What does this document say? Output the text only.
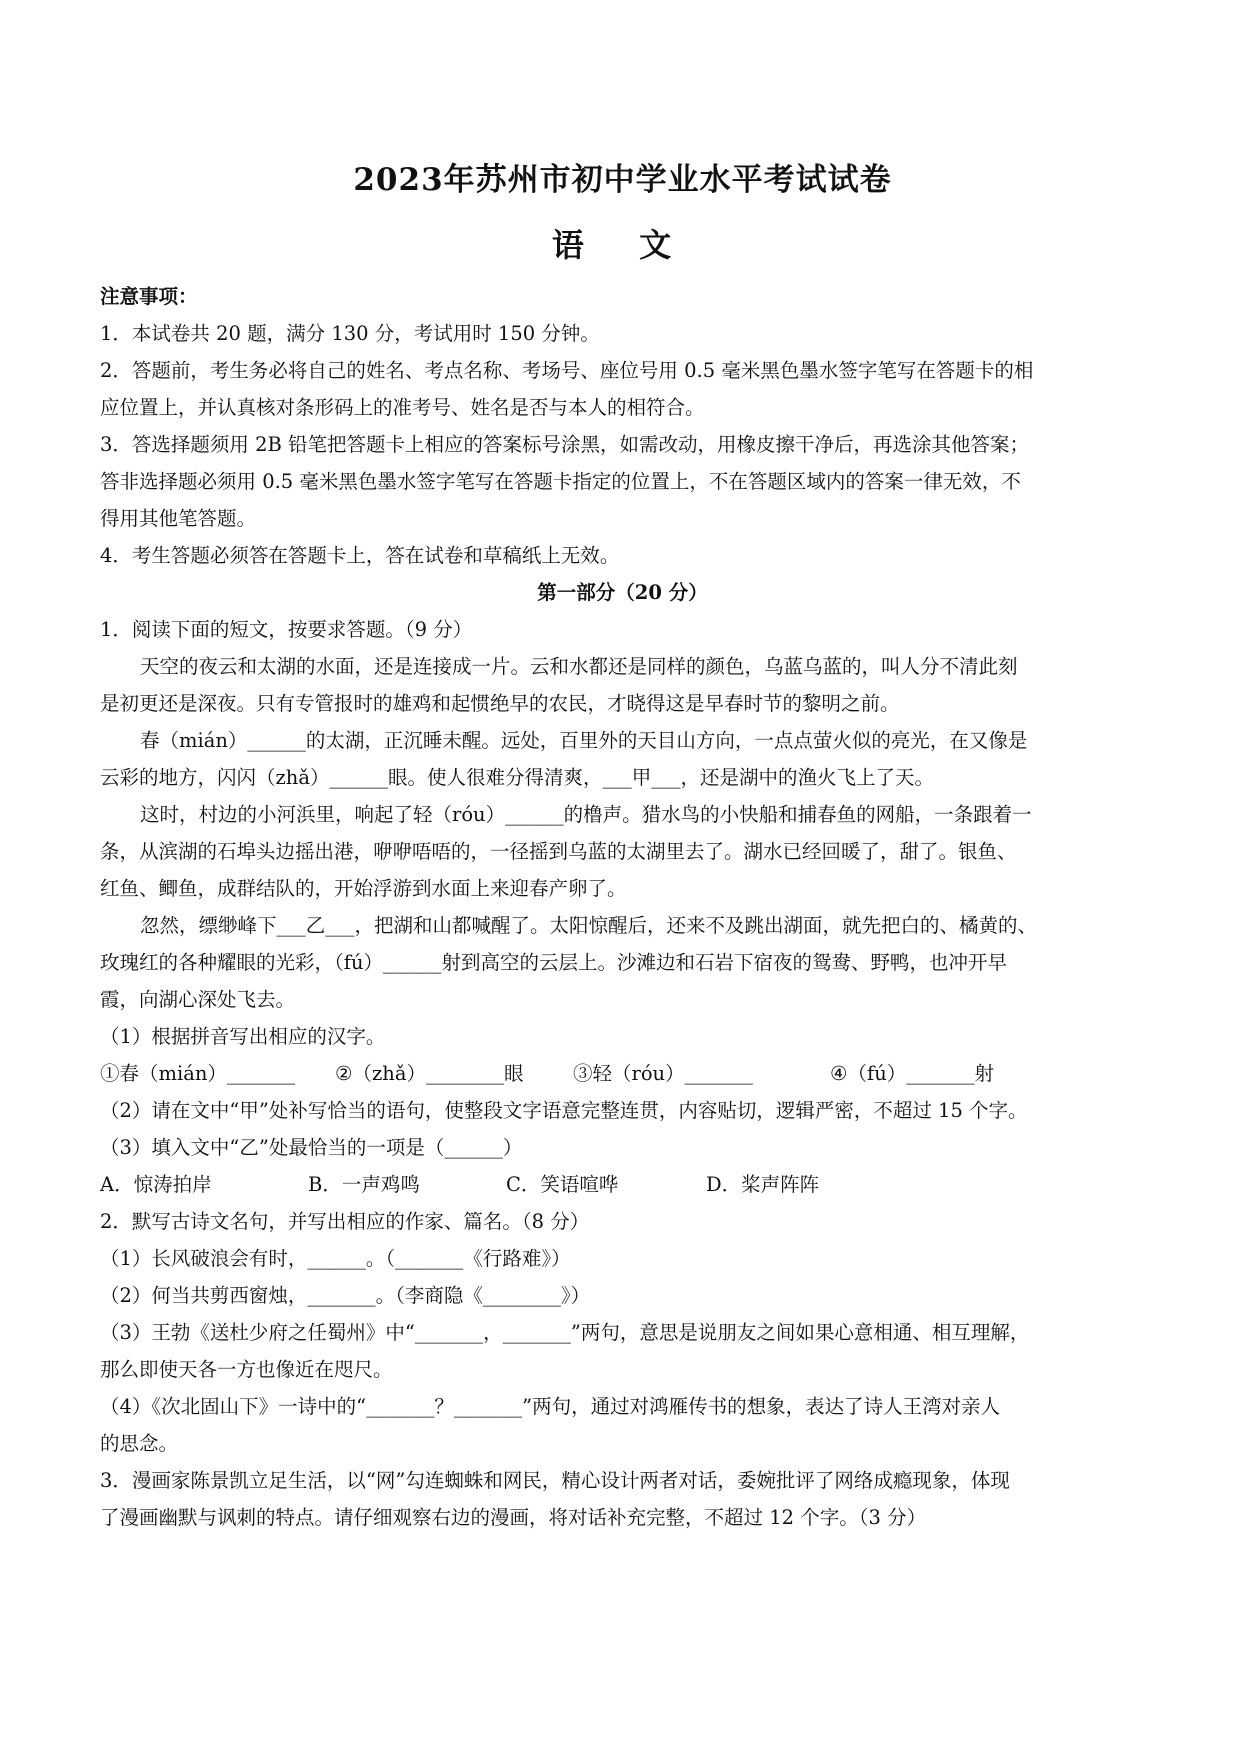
2023年苏州市初中学业水平考试试卷
语 文
注意事项：
1．本试卷共 20 题，满分 130 分，考试用时 150 分钟。
2．答题前，考生务必将自己的姓名、考点名称、考场号、座位号用 0.5 毫米黑色墨水签字笔写在答题卡的相
应位置上，并认真核对条形码上的准考号、姓名是否与本人的相符合。
3．答选择题须用 2B 铅笔把答题卡上相应的答案标号涂黑，如需改动，用橡皮擦干净后，再选涂其他答案；
答非选择题必须用 0.5 毫米黑色墨水签字笔写在答题卡指定的位置上，不在答题区域内的答案一律无效，不
得用其他笔答题。
4．考生答题必须答在答题卡上，答在试卷和草稿纸上无效。
第一部分（20 分）
1．阅读下面的短文，按要求答题。（9 分）
天空的夜云和太湖的水面，还是连接成一片。云和水都还是同样的颜色，乌蓝乌蓝的，叫人分不清此刻
是初更还是深夜。只有专管报时的雄鸡和起惯绝早的农民，才晓得这是早春时节的黎明之前。
春（mián）______的太湖，正沉睡未醒。远处，百里外的天目山方向，一点点萤火似的亮光，在又像是
云彩的地方，闪闪（zhǎ）______眼。使人很难分得清爽，___甲___，还是湖中的渔火飞上了天。
这时，村边的小河浜里，响起了轻（róu）______的橹声。猎水鸟的小快船和捕春鱼的网船，一条跟着一
条，从滨湖的石埠头边摇出港，咿咿唔唔的，一径摇到乌蓝的太湖里去了。湖水已经回暖了，甜了。银鱼、
红鱼、鲫鱼，成群结队的，开始浮游到水面上来迎春产卵了。
忽然，缥缈峰下___乙___，把湖和山都喊醒了。太阳惊醒后，还来不及跳出湖面，就先把白的、橘黄的、
玫瑰红的各种耀眼的光彩，（fú）______射到高空的云层上。沙滩边和石岩下宿夜的鸳鸯、野鸭，也冲开早
霞，向湖心深处飞去。
（1）根据拼音写出相应的汉字。
①春（mián）_______	②（zhǎ）________眼	③轻（róu）_______	④（fú）_______射
（2）请在文中“甲”处补写恰当的语句，使整段文字语意完整连贯，内容贴切，逻辑严密，不超过 15 个字。
（3）填入文中“乙”处最恰当的一项是（______）
A．惊涛拍岸	B．一声鸡鸣	C．笑语喧哗	D．桨声阵阵
2．默写古诗文名句，并写出相应的作家、篇名。（8 分）
（1）长风破浪会有时，______。（_______《行路难》）
（2）何当共剪西窗烛，_______。（李商隐《________》）
（3）王勃《送杜少府之任蜀州》中“_______，_______”两句，意思是说朋友之间如果心意相通、相互理解，
那么即使天各一方也像近在咫尺。
（4）《次北固山下》一诗中的“_______？_______”两句，通过对鸿雁传书的想象，表达了诗人王湾对亲人
的思念。
3．漫画家陈景凯立足生活，以“网”勾连蜘蛛和网民，精心设计两者对话，委婉批评了网络成瘾现象，体现
了漫画幽默与讽刺的特点。请仔细观察右边的漫画，将对话补充完整，不超过 12 个字。（3 分）
